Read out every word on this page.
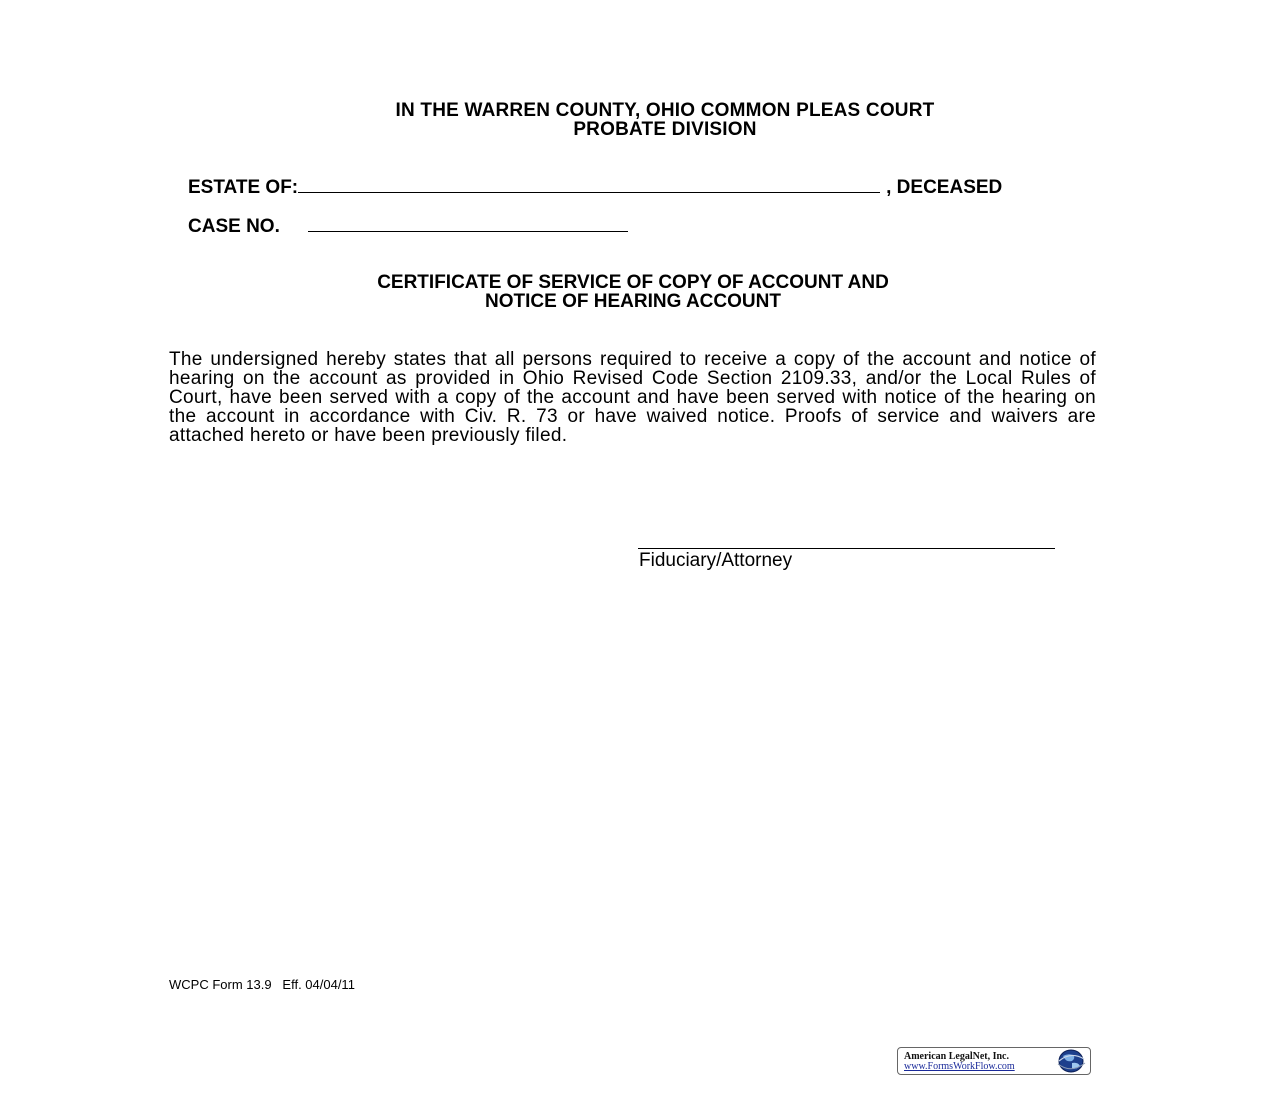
IN THE WARREN COUNTY, OHIO COMMON PLEAS COURT
PROBATE DIVISION
ESTATE OF:	, DECEASED
CASE NO.
CERTIFICATE OF SERVICE OF COPY OF ACCOUNT AND
NOTICE OF HEARING ACCOUNT

The undersigned hereby states that all persons required to receive a copy of the account and notice of hearing on the account as provided in Ohio Revised Code Section 2109.33, and/or the Local Rules of Court, have been served with a copy of the account and have been served with notice of the hearing on the account in accordance with Civ. R. 73 or have waived notice. Proofs of service and waivers are attached hereto or have been previously filed.

Fiduciary/Attorney
WCPC Form 13.9   Eff. 04/04/11
American LegalNet, Inc.
www.FormsWorkFlow.com
